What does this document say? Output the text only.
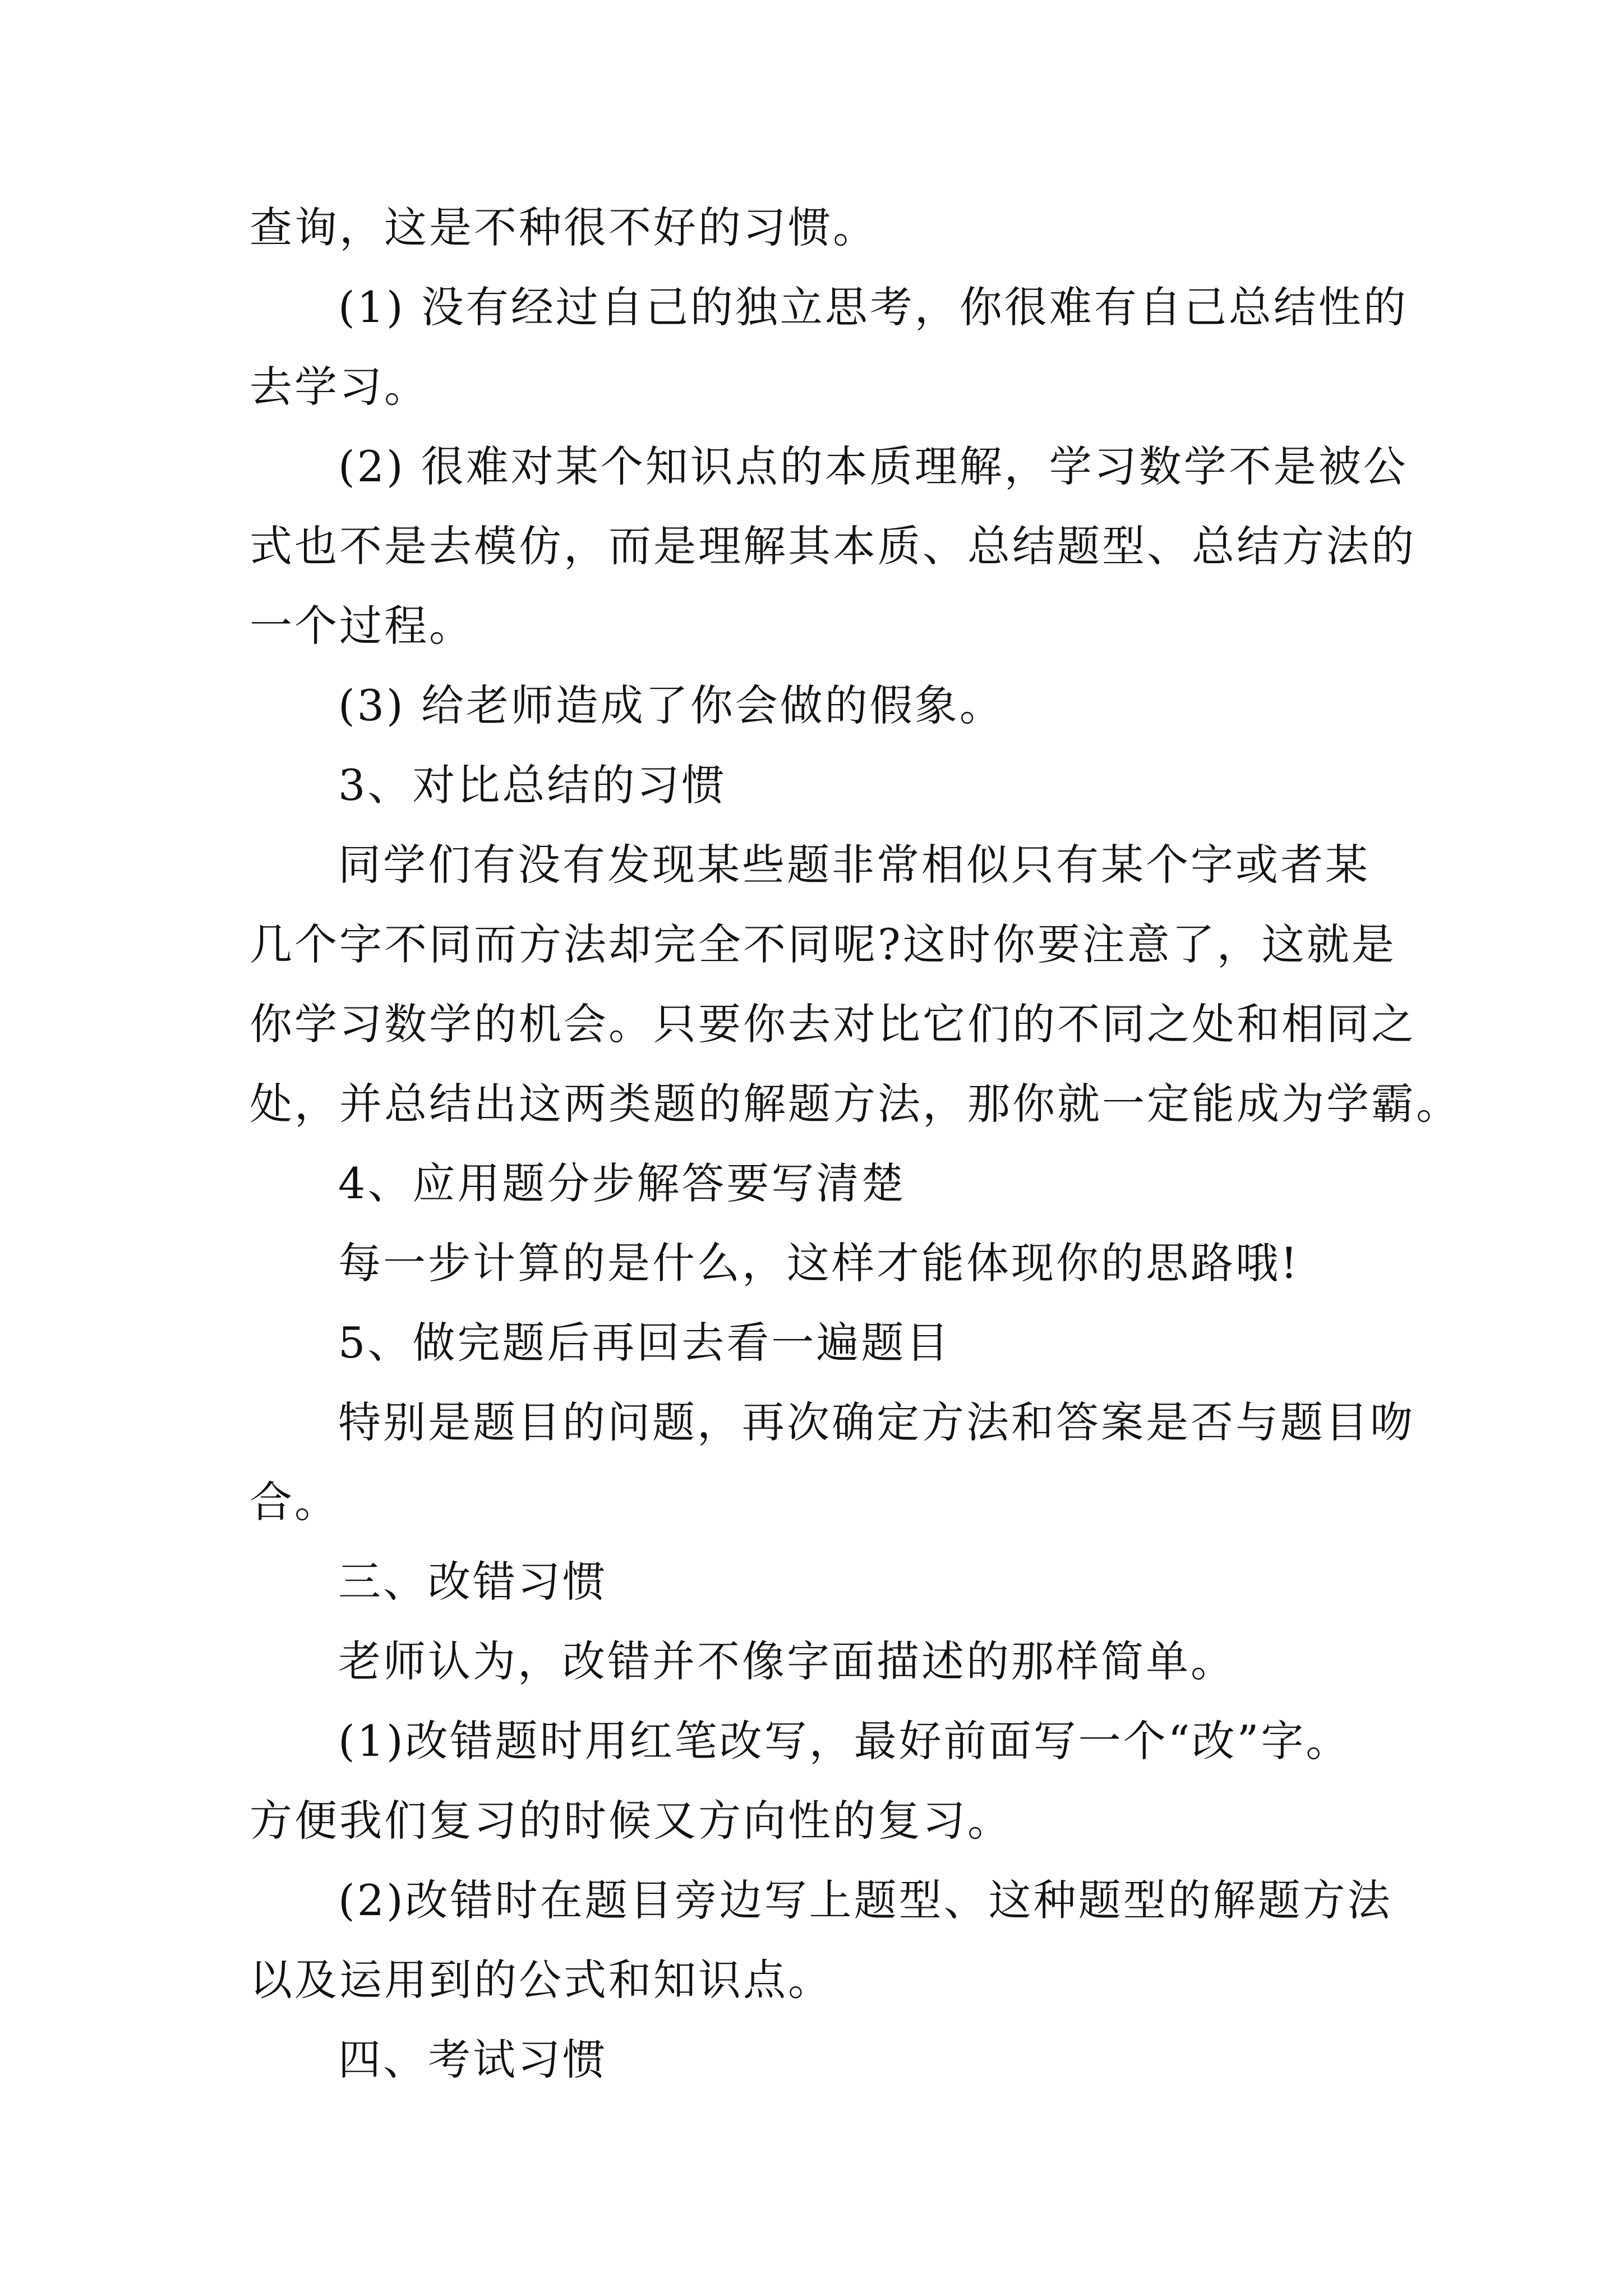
查询，这是不种很不好的习惯。
(1) 没有经过自己的独立思考，你很难有自己总结性的
去学习。
(2) 很难对某个知识点的本质理解，学习数学不是被公
式也不是去模仿，而是理解其本质、总结题型、总结方法的
一个过程。
(3) 给老师造成了你会做的假象。
3、对比总结的习惯
同学们有没有发现某些题非常相似只有某个字或者某
几个字不同而方法却完全不同呢?这时你要注意了，这就是
你学习数学的机会。只要你去对比它们的不同之处和相同之
处，并总结出这两类题的解题方法，那你就一定能成为学霸。
4、应用题分步解答要写清楚
每一步计算的是什么，这样才能体现你的思路哦!
5、做完题后再回去看一遍题目
特别是题目的问题，再次确定方法和答案是否与题目吻
合。
三、改错习惯
老师认为，改错并不像字面描述的那样简单。
(1)改错题时用红笔改写，最好前面写一个“改”字。
方便我们复习的时候又方向性的复习。
(2)改错时在题目旁边写上题型、这种题型的解题方法
以及运用到的公式和知识点。
四、考试习惯
